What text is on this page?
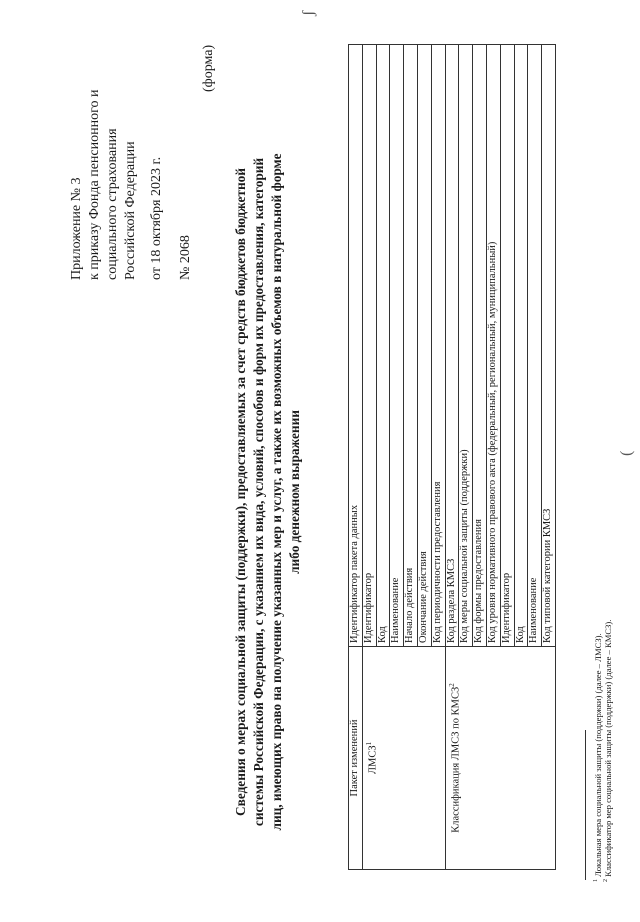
Приложение № 3 к приказу Фонда пенсионного и социального страхования Российской Федерации от 18 октября 2023 г. № 2068
(форма)
Сведения о мерах социальной защиты (поддержки), предоставляемых за счет средств бюджетов бюджетной системы Российской Федерации, с указанием их вида, условий, способов и форм их предоставления, категорий лиц, имеющих право на получение указанных мер и услуг, а также их возможных объемов в натуральной форме либо денежном выражении
Пакет изменений	Идентификатор пакета данных
ЛМСЗ$^1$	Идентификатор
	Код
	Наименование
	Начало действия
	Окончание действия
	Код периодичности предоставления
Классификация ЛМСЗ по КМСЗ$^2$	Код раздела КМСЗ
	Код меры социальной защиты (поддержки)
	Код формы предоставления
	Код уровня нормативного правового акта (федеральный, региональный, муниципальный)
	Идентификатор
	Код
	Наименование
	Код типовой категории КМСЗ
$^1$ Локальная мера социальной защиты (поддержки) (далее – ЛМСЗ).
$^2$ Классификатор мер социальной защиты (поддержки) (далее – КМСЗ).
ʃ
(
